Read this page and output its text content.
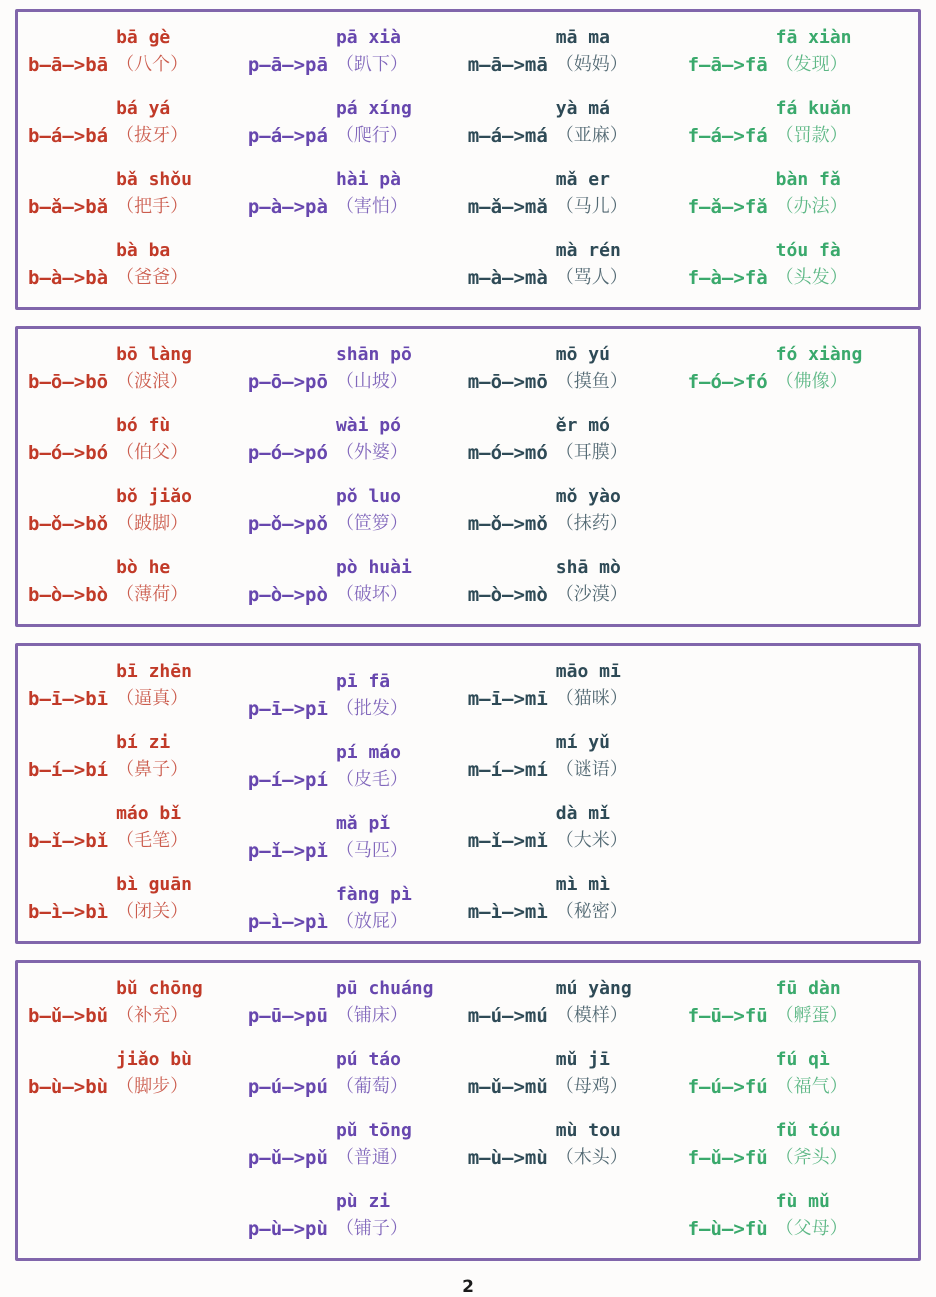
bā gè
b—ā—>bā （八个）
pā xià
p—ā—>pā （趴下）
mā ma
m—ā—>mā （妈妈）
fā xiàn
f—ā—>fā （发现）
bá yá
b—á—>bá （拔牙）
pá xíng
p—á—>pá （爬行）
yà má
m—á—>má （亚麻）
fá kuǎn
f—á—>fá （罚款）
bǎ shǒu
b—ǎ—>bǎ （把手）
hài pà
p—à—>pà （害怕）
mǎ er
m—ǎ—>mǎ （马儿）
bàn fǎ
f—ǎ—>fǎ （办法）
bà ba
b—à—>bà （爸爸）
mà rén
m—à—>mà （骂人）
tóu fà
f—à—>fà （头发）
bō làng
b—ō—>bō （波浪）
shān pō
p—ō—>pō （山坡）
mō yú
m—ō—>mō （摸鱼）
fó xiàng
f—ó—>fó （佛像）
bó fù
b—ó—>bó （伯父）
wài pó
p—ó—>pó （外婆）
ěr mó
m—ó—>mó （耳膜）
bǒ jiǎo
b—ǒ—>bǒ （跛脚）
pǒ luo
p—ǒ—>pǒ （笸箩）
mǒ yào
m—ǒ—>mǒ （抹药）
bò he
b—ò—>bò （薄荷）
pò huài
p—ò—>pò （破坏）
shā mò
m—ò—>mò （沙漠）
bī zhēn
b—ī—>bī （逼真）
pī fā
p—ī—>pī （批发）
māo mī
m—ī—>mī （猫咪）
bí zi
b—í—>bí （鼻子）
pí máo
p—í—>pí （皮毛）
mí yǔ
m—í—>mí （谜语）
máo bǐ
b—ǐ—>bǐ （毛笔）
mǎ pǐ
p—ǐ—>pǐ （马匹）
dà mǐ
m—ǐ—>mǐ （大米）
bì guān
b—ì—>bì （闭关）
fàng pì
p—ì—>pì （放屁）
mì mì
m—ì—>mì （秘密）
bǔ chōng
b—ǔ—>bǔ （补充）
pū chuáng
p—ū—>pū （铺床）
mú yàng
m—ú—>mú （模样）
fū dàn
f—ū—>fū （孵蛋）
jiǎo bù
b—ù—>bù （脚步）
pú táo
p—ú—>pú （葡萄）
mǔ jī
m—ǔ—>mǔ （母鸡）
fú qì
f—ú—>fú （福气）
pǔ tōng
p—ǔ—>pǔ （普通）
mù tou
m—ù—>mù （木头）
fǔ tóu
f—ǔ—>fǔ （斧头）
pù zi
p—ù—>pù （铺子）
fù mǔ
f—ù—>fù （父母）
2
